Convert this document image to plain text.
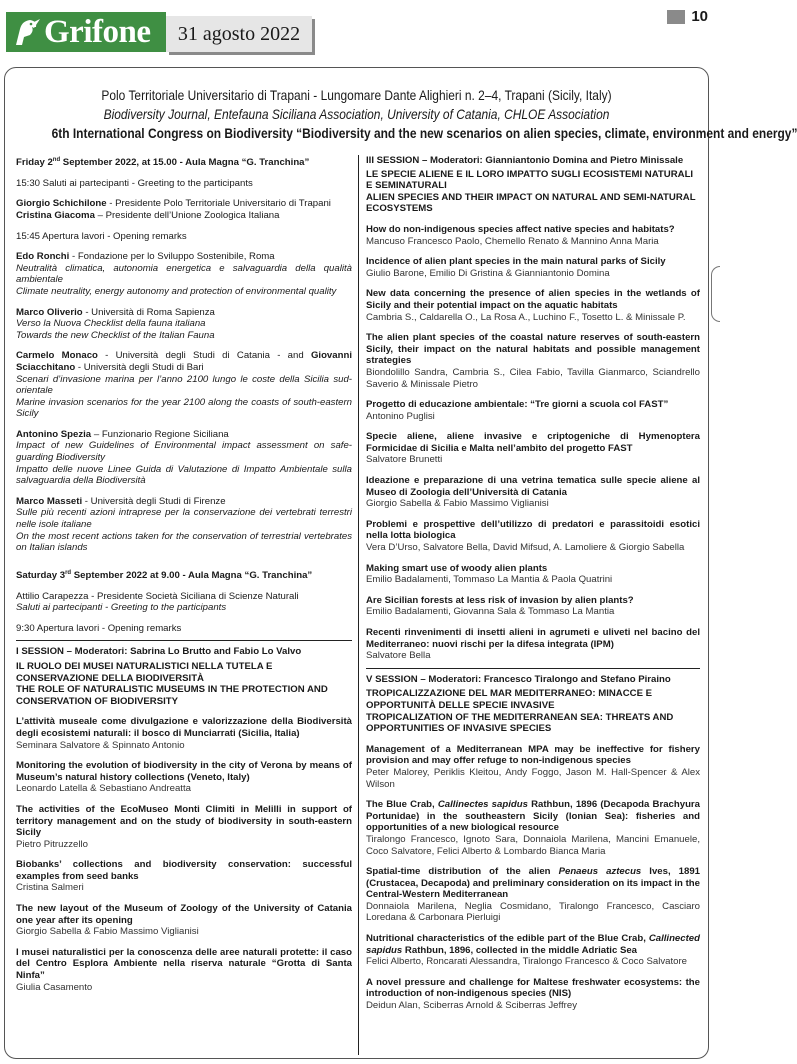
Grifone	31 agosto 2022
10
Polo Territoriale Universitario di Trapani - Lungomare Dante Alighieri n. 2–4, Trapani (Sicily, Italy)
Biodiversity Journal, Entefauna Siciliana Association, University of Catania, CHLOE Association
6th International Congress on Biodiversity “Biodiversity and the new scenarios on alien species, climate, environment and energy”
Friday 2nd September 2022, at 15.00 - Aula Magna “G. Tranchina”
15:30 Saluti ai partecipanti - Greeting to the participants
Giorgio Schichilone - Presidente Polo Territoriale Universitario di Trapani
Cristina Giacoma – Presidente dell’Unione Zoologica Italiana
15:45 Apertura lavori - Opening remarks
Edo Ronchi - Fondazione per lo Sviluppo Sostenibile, Roma
Neutralità climatica, autonomia energetica e salvaguardia della qualità ambientale
Climate neutrality, energy autonomy and protection of environmental quality
Marco Oliverio - Università di Roma Sapienza
Verso la Nuova Checklist della fauna italiana
Towards the new Checklist of the Italian Fauna
Carmelo Monaco - Università degli Studi di Catania - and Giovanni Sciacchitano - Università degli Studi di Bari
Scenari d’invasione marina per l’anno 2100 lungo le coste della Sicilia sud-orientale
Marine invasion scenarios for the year 2100 along the coasts of south-eastern Sicily
Antonino Spezia – Funzionario Regione Siciliana
Impact of new Guidelines of Environmental impact assessment on safe-guarding Biodiversity
Impatto delle nuove Linee Guida di Valutazione di Impatto Ambientale sulla salvaguardia della Biodiversità
Marco Masseti - Università degli Studi di Firenze
Sulle più recenti azioni intraprese per la conservazione dei vertebrati terrestri nelle isole italiane
On the most recent actions taken for the conservation of terrestrial vertebrates on Italian islands
Saturday 3rd September 2022 at 9.00 - Aula Magna “G. Tranchina”
Attilio Carapezza - Presidente Società Siciliana di Scienze Naturali
Saluti ai partecipanti - Greeting to the participants
9:30 Apertura lavori - Opening remarks
I SESSION – Moderatori: Sabrina Lo Brutto and Fabio Lo Valvo
IL RUOLO DEI MUSEI NATURALISTICI NELLA TUTELA E CONSERVAZIONE DELLA BIODIVERSITÀ
THE ROLE OF NATURALISTIC MUSEUMS IN THE PROTECTION AND CONSERVATION OF BIODIVERSITY
L’attività museale come divulgazione e valorizzazione della Biodiversità degli ecosistemi naturali: il bosco di Munciarrati (Sicilia, Italia)
Seminara Salvatore & Spinnato Antonio
Monitoring the evolution of biodiversity in the city of Verona by means of Museum’s natural history collections (Veneto, Italy)
Leonardo Latella & Sebastiano Andreatta
The activities of the EcoMuseo Monti Climiti in Melilli in support of territory management and on the study of biodiversity in south-eastern Sicily
Pietro Pitruzzello
Biobanks’ collections and biodiversity conservation: successful examples from seed banks
Cristina Salmeri
The new layout of the Museum of Zoology of the University of Catania one year after its opening
Giorgio Sabella & Fabio Massimo Viglianisi
I musei naturalistici per la conoscenza delle aree naturali protette: il caso del Centro Esplora Ambiente nella riserva naturale “Grotta di Santa Ninfa”
Giulia Casamento
III SESSION – Moderatori: Gianniantonio Domina and Pietro Minissale
LE SPECIE ALIENE E IL LORO IMPATTO SUGLI ECOSISTEMI NATURALI E SEMINATURALI
ALIEN SPECIES AND THEIR IMPACT ON NATURAL AND SEMI-NATURAL ECOSYSTEMS
How do non-indigenous species affect native species and habitats?
Mancuso Francesco Paolo, Chemello Renato & Mannino Anna Maria
Incidence of alien plant species in the main natural parks of Sicily
Giulio Barone, Emilio Di Gristina & Gianniantonio Domina
New data concerning the presence of alien species in the wetlands of Sicily and their potential impact on the aquatic habitats
Cambria S., Caldarella O., La Rosa A., Luchino F., Tosetto L. & Minissale P.
The alien plant species of the coastal nature reserves of south-eastern Sicily, their impact on the natural habitats and possible management strategies
Biondolillo Sandra, Cambria S., Cilea Fabio, Tavilla Gianmarco, Sciandrello Saverio & Minissale Pietro
Progetto di educazione ambientale: “Tre giorni a scuola col FAST”
Antonino Puglisi
Specie aliene, aliene invasive e criptogeniche di Hymenoptera Formicidae di Sicilia e Malta nell’ambito del progetto FAST
Salvatore Brunetti
Ideazione e preparazione di una vetrina tematica sulle specie aliene al Museo di Zoologia dell’Università di Catania
Giorgio Sabella & Fabio Massimo Viglianisi
Problemi e prospettive dell’utilizzo di predatori e parassitoidi esotici nella lotta biologica
Vera D’Urso, Salvatore Bella, David Mifsud, A. Lamoliere & Giorgio Sabella
Making smart use of woody alien plants
Emilio Badalamenti, Tommaso La Mantia & Paola Quatrini
Are Sicilian forests at less risk of invasion by alien plants?
Emilio Badalamenti, Giovanna Sala & Tommaso La Mantia
Recenti rinvenimenti di insetti alieni in agrumeti e uliveti nel bacino del Mediterraneo: nuovi rischi per la difesa integrata (IPM)
Salvatore Bella
V SESSION – Moderatori: Francesco Tiralongo and Stefano Piraino
TROPICALIZZAZIONE DEL MAR MEDITERRANEO: MINACCE E OPPORTUNITÀ DELLE SPECIE INVASIVE
TROPICALIZATION OF THE MEDITERRANEAN SEA: THREATS AND OPPORTUNITIES OF INVASIVE SPECIES
Management of a Mediterranean MPA may be ineffective for fishery provision and may offer refuge to non-indigenous species
Peter Malorey, Periklis Kleitou, Andy Foggo, Jason M. Hall-Spencer & Alex Wilson
The Blue Crab, Callinectes sapidus Rathbun, 1896 (Decapoda Brachyura Portunidae) in the southeastern Sicily (Ionian Sea): fisheries and opportunities of a new biological resource
Tiralongo Francesco, Ignoto Sara, Donnaiola Marilena, Mancini Emanuele, Coco Salvatore, Felici Alberto & Lombardo Bianca Maria
Spatial-time distribution of the alien Penaeus aztecus Ives, 1891 (Crustacea, Decapoda) and preliminary consideration on its impact in the Central-Western Mediterranean
Donnaiola Marilena, Neglia Cosmidano, Tiralongo Francesco, Casciaro Loredana & Carbonara Pierluigi
Nutritional characteristics of the edible part of the Blue Crab, Callinected sapidus Rathbun, 1896, collected in the middle Adriatic Sea
Felici Alberto, Roncarati Alessandra, Tiralongo Francesco & Coco Salvatore
A novel pressure and challenge for Maltese freshwater ecosystems: the introduction of non-indigenous species (NIS)
Deidun Alan, Sciberras Arnold & Sciberras Jeffrey
